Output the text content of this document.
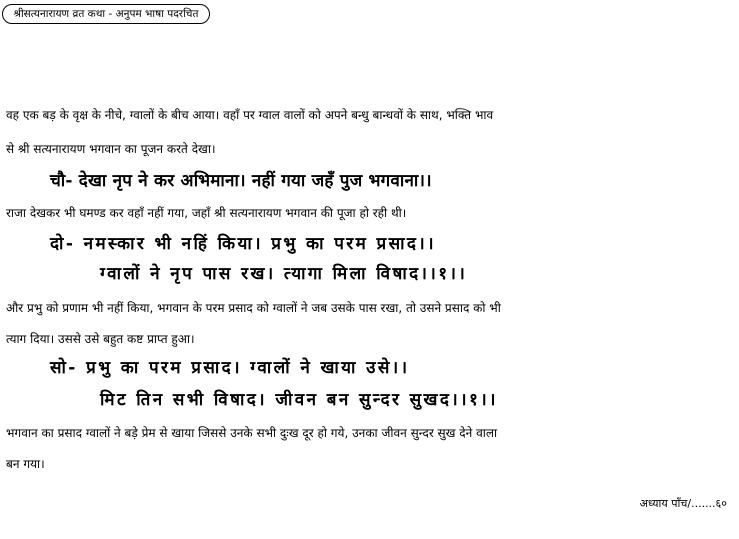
श्रीसत्यनारायण व्रत कथा - अनुपम भाषा पदरचित
वह एक बड़ के वृक्ष के नीचे, ग्वालों के बीच आया। वहाँ पर ग्वाल वालों को अपने बन्धु बान्धवों के साथ, भक्ति भाव
से श्री सत्यनारायण भगवान का पूजन करते देखा।
चौ- देखा नृप ने कर अभिमाना। नहीं गया जहँ पुज भगवाना।।
राजा देखकर भी घमण्ड कर वहाँ नहीं गया, जहाँ श्री सत्यनारायण भगवान की पूजा हो रही थी।
दो- नमस्कार भी नहिं किया। प्रभु का परम प्रसाद।।
ग्वालों ने नृप पास रख। त्यागा मिला विषाद।।१।।
और प्रभु को प्रणाम भी नहीं किया, भगवान के परम प्रसाद को ग्वालों ने जब उसके पास रखा, तो उसने प्रसाद को भी
त्याग दिया। उससे उसे बहुत कष्ट प्राप्त हुआ।
सो- प्रभु का परम प्रसाद। ग्वालों ने खाया उसे।।
मिट तिन सभी विषाद। जीवन बन सुन्दर सुखद।।१।।
भगवान का प्रसाद ग्वालों ने बड़े प्रेम से खाया जिससे उनके सभी दुःख दूर हो गये, उनका जीवन सुन्दर सुख देने वाला
बन गया।
अध्याय पाँच/.......६०
